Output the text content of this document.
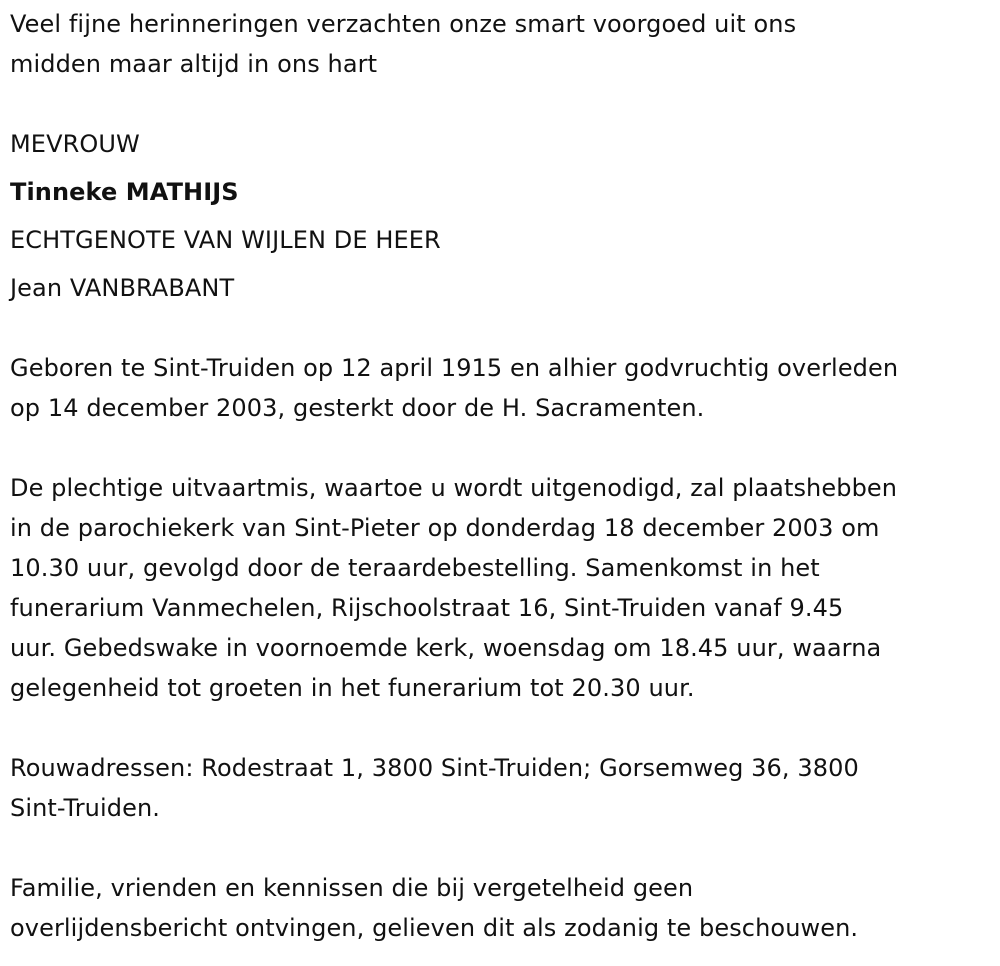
Veel fijne herinneringen verzachten onze smart voorgoed uit ons
midden maar altijd in ons hart
MEVROUW
Tinneke MATHIJS
ECHTGENOTE VAN WIJLEN DE HEER
Jean VANBRABANT
Geboren te Sint-Truiden op 12 april 1915 en alhier godvruchtig overleden
op 14 december 2003, gesterkt door de H. Sacramenten.
De plechtige uitvaartmis, waartoe u wordt uitgenodigd, zal plaatshebben
in de parochiekerk van Sint-Pieter op donderdag 18 december 2003 om
10.30 uur, gevolgd door de teraardebestelling. Samenkomst in het
funerarium Vanmechelen, Rijschoolstraat 16, Sint-Truiden vanaf 9.45
uur. Gebedswake in voornoemde kerk, woensdag om 18.45 uur, waarna
gelegenheid tot groeten in het funerarium tot 20.30 uur.
Rouwadressen: Rodestraat 1, 3800 Sint-Truiden; Gorsemweg 36, 3800
Sint-Truiden.
Familie, vrienden en kennissen die bij vergetelheid geen
overlijdensbericht ontvingen, gelieven dit als zodanig te beschouwen.
